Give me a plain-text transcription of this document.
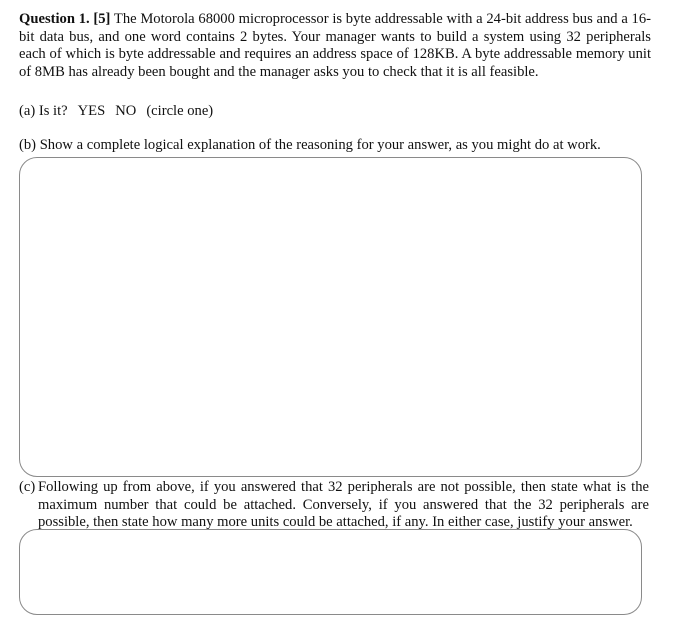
Question 1. [5] The Motorola 68000 microprocessor is byte addressable with a 24-bit address bus and a 16-bit data bus, and one word contains 2 bytes. Your manager wants to build a system using 32 peripherals each of which is byte addressable and requires an address space of 128KB. A byte addressable memory unit of 8MB has already been bought and the manager asks you to check that it is all feasible.

(a) Is it? YES NO (circle one)

(b) Show a complete logical explanation of the reasoning for your answer, as you might do at work.

(c) Following up from above, if you answered that 32 peripherals are not possible, then state what is the maximum number that could be attached. Conversely, if you answered that the 32 peripherals are possible, then state how many more units could be attached, if any. In either case, justify your answer.
